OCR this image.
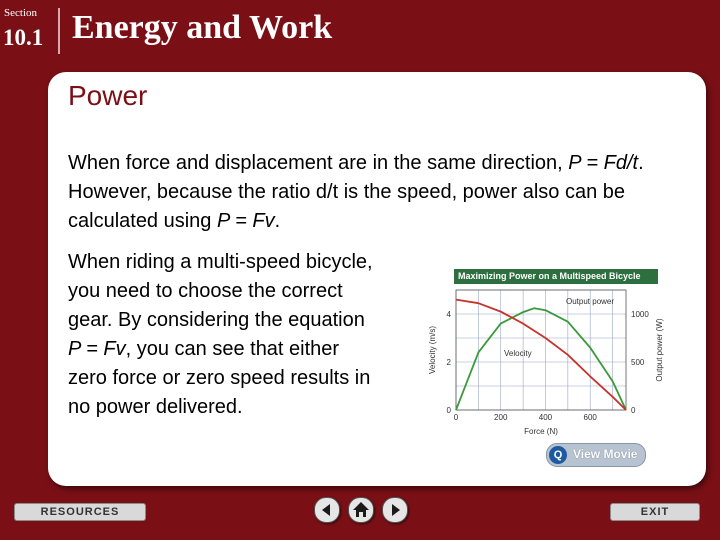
Section
10.1 Energy and Work
Power
When force and displacement are in the same direction, P = Fd/t. However, because the ratio d/t is the speed, power also can be calculated using P = Fv.
When riding a multi-speed bicycle, you need to choose the correct gear. By considering the equation P = Fv, you can see that either zero force or zero speed results in no power delivered.
Maximizing Power on a Multispeed Bicycle
0	200	400	600
0
2
4
0
500
1000
Force (N)
Velocity (m/s)	Output power (W)
Output power
Velocity
Q View Movie
RESOURCES	EXIT
